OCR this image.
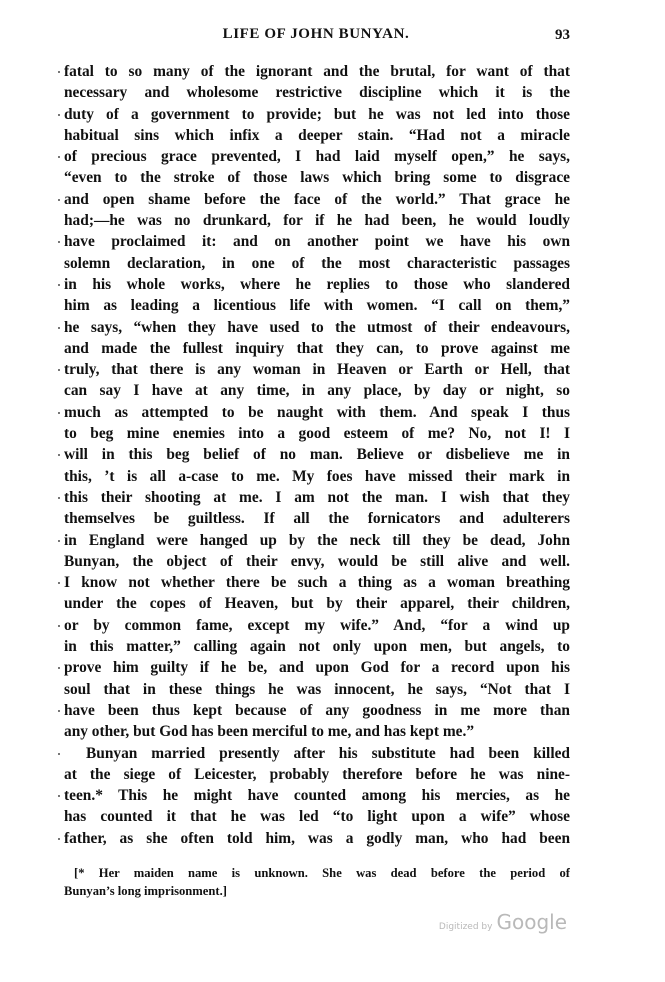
LIFE OF JOHN BUNYAN.	93
fatal to so many of the ignorant and the brutal, for want of that
necessary and wholesome restrictive discipline which it is the
duty of a government to provide; but he was not led into those
habitual sins which infix a deeper stain. “Had not a miracle
of precious grace prevented, I had laid myself open,” he says,
“even to the stroke of those laws which bring some to disgrace
and open shame before the face of the world.” That grace he
had;—he was no drunkard, for if he had been, he would loudly
have proclaimed it: and on another point we have his own
solemn declaration, in one of the most characteristic passages
in his whole works, where he replies to those who slandered
him as leading a licentious life with women. “I call on them,”
he says, “when they have used to the utmost of their endeavours,
and made the fullest inquiry that they can, to prove against me
truly, that there is any woman in Heaven or Earth or Hell, that
can say I have at any time, in any place, by day or night, so
much as attempted to be naught with them. And speak I thus
to beg mine enemies into a good esteem of me? No, not I! I
will in this beg belief of no man. Believe or disbelieve me in
this, ’t is all a-case to me. My foes have missed their mark in
this their shooting at me. I am not the man. I wish that they
themselves be guiltless. If all the fornicators and adulterers
in England were hanged up by the neck till they be dead, John
Bunyan, the object of their envy, would be still alive and well.
I know not whether there be such a thing as a woman breathing
under the copes of Heaven, but by their apparel, their children,
or by common fame, except my wife.” And, “for a wind up
in this matter,” calling again not only upon men, but angels, to
prove him guilty if he be, and upon God for a record upon his
soul that in these things he was innocent, he says, “Not that I
have been thus kept because of any goodness in me more than
any other, but God has been merciful to me, and has kept me.”
Bunyan married presently after his substitute had been killed
at the siege of Leicester, probably therefore before he was nine-
teen.* This he might have counted among his mercies, as he
has counted it that he was led “to light upon a wife” whose
father, as she often told him, was a godly man, who had been
[* Her maiden name is unknown. She was dead before the period of
Bunyan’s long imprisonment.]
Digitized by Google
